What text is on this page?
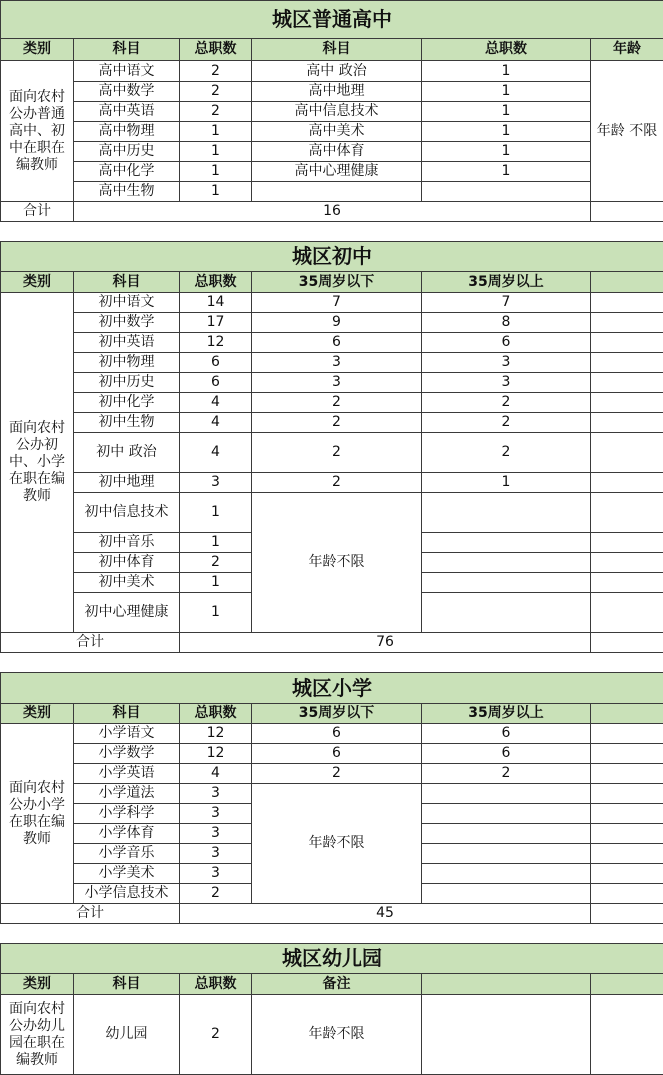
城区普通高中
类别	科目	总职数	科目	总职数	年龄
面向农村公办普通高中、初中在职在编教师
高中语文	2	高中 政治	1
高中数学	2	高中地理	1
高中英语	2	高中信息技术	1
高中物理	1	高中美术	1
高中历史	1	高中体育	1
高中化学	1	高中心理健康	1
高中生物	1
年龄 不限
合计	16
城区初中
类别	科目	总职数	35周岁以下	35周岁以上
面向农村公办初中、小学在职在编教师
初中语文	14	7	7
初中数学	17	9	8
初中英语	12	6	6
初中物理	6	3	3
初中历史	6	3	3
初中化学	4	2	2
初中生物	4	2	2
初中 政治	4	2	2
初中地理	3	2	1
初中信息技术	1
初中音乐	1
初中体育	2
初中美术	1
初中心理健康	1
年龄不限
合计	76
城区小学
类别	科目	总职数	35周岁以下	35周岁以上
面向农村公办小学在职在编教师
小学语文	12	6	6
小学数学	12	6	6
小学英语	4	2	2
小学道法	3
小学科学	3
小学体育	3
小学音乐	3
小学美术	3
小学信息技术	2
年龄不限
合计	45
城区幼儿园
类别	科目	总职数	备注
面向农村公办幼儿园在职在编教师
幼儿园	2	年龄不限
